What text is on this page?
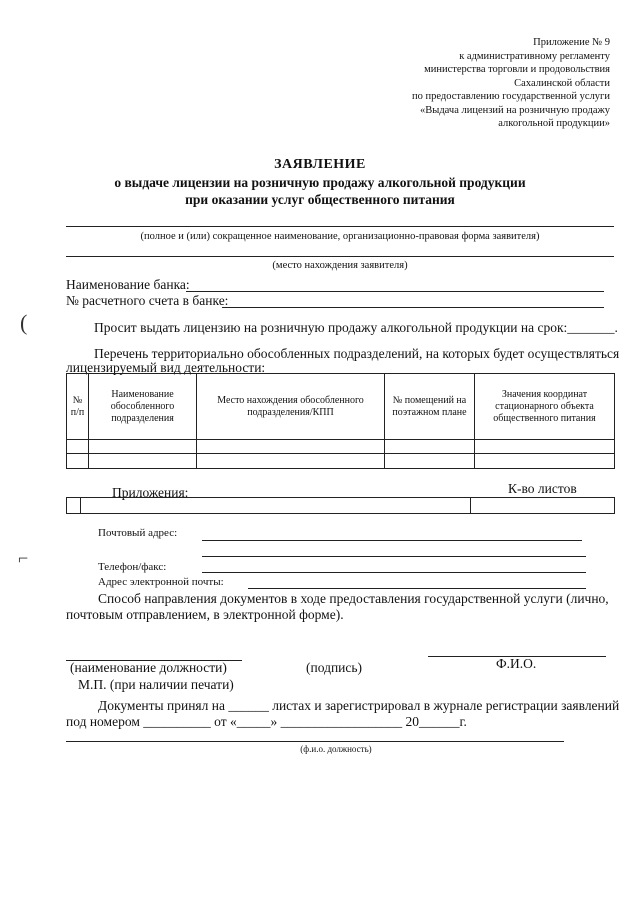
Приложение № 9
к административному регламенту
министерства торговли и продовольствия
Сахалинской области
по предоставлению государственной услуги
«Выдача лицензий на розничную продажу
алкогольной продукции»
ЗАЯВЛЕНИЕ
о выдаче лицензии на розничную продажу алкогольной продукции
при оказании услуг общественного питания
(полное и (или) сокращенное наименование, организационно-правовая форма заявителя)
(место нахождения заявителя)
Наименование банка:
№ расчетного счета в банке:
(	Просит выдать лицензию на розничную продажу алкогольной продукции на срок:_______.
Перечень территориально обособленных подразделений, на которых будет осуществляться
лицензируемый вид деятельности:
№ п/п	Наименование обособленного подразделения	Место нахождения обособленного подразделения/КПП	№ помещений на поэтажном плане	Значения координат стационарного объекта общественного питания

Приложения:	К-во листов

Почтовый адрес:
⌐	Телефон/факс:
Адрес электронной почты:
Способ направления документов в ходе предоставления государственной услуги (лично,
почтовым отправлением, в электронной форме).
(наименование должности)	(подпись)	Ф.И.О.
М.П. (при наличии печати)
Документы принял на ______ листах и зарегистрировал в журнале регистрации заявлений
под номером __________ от «_____» __________________ 20______г.
(ф.и.о. должность)
